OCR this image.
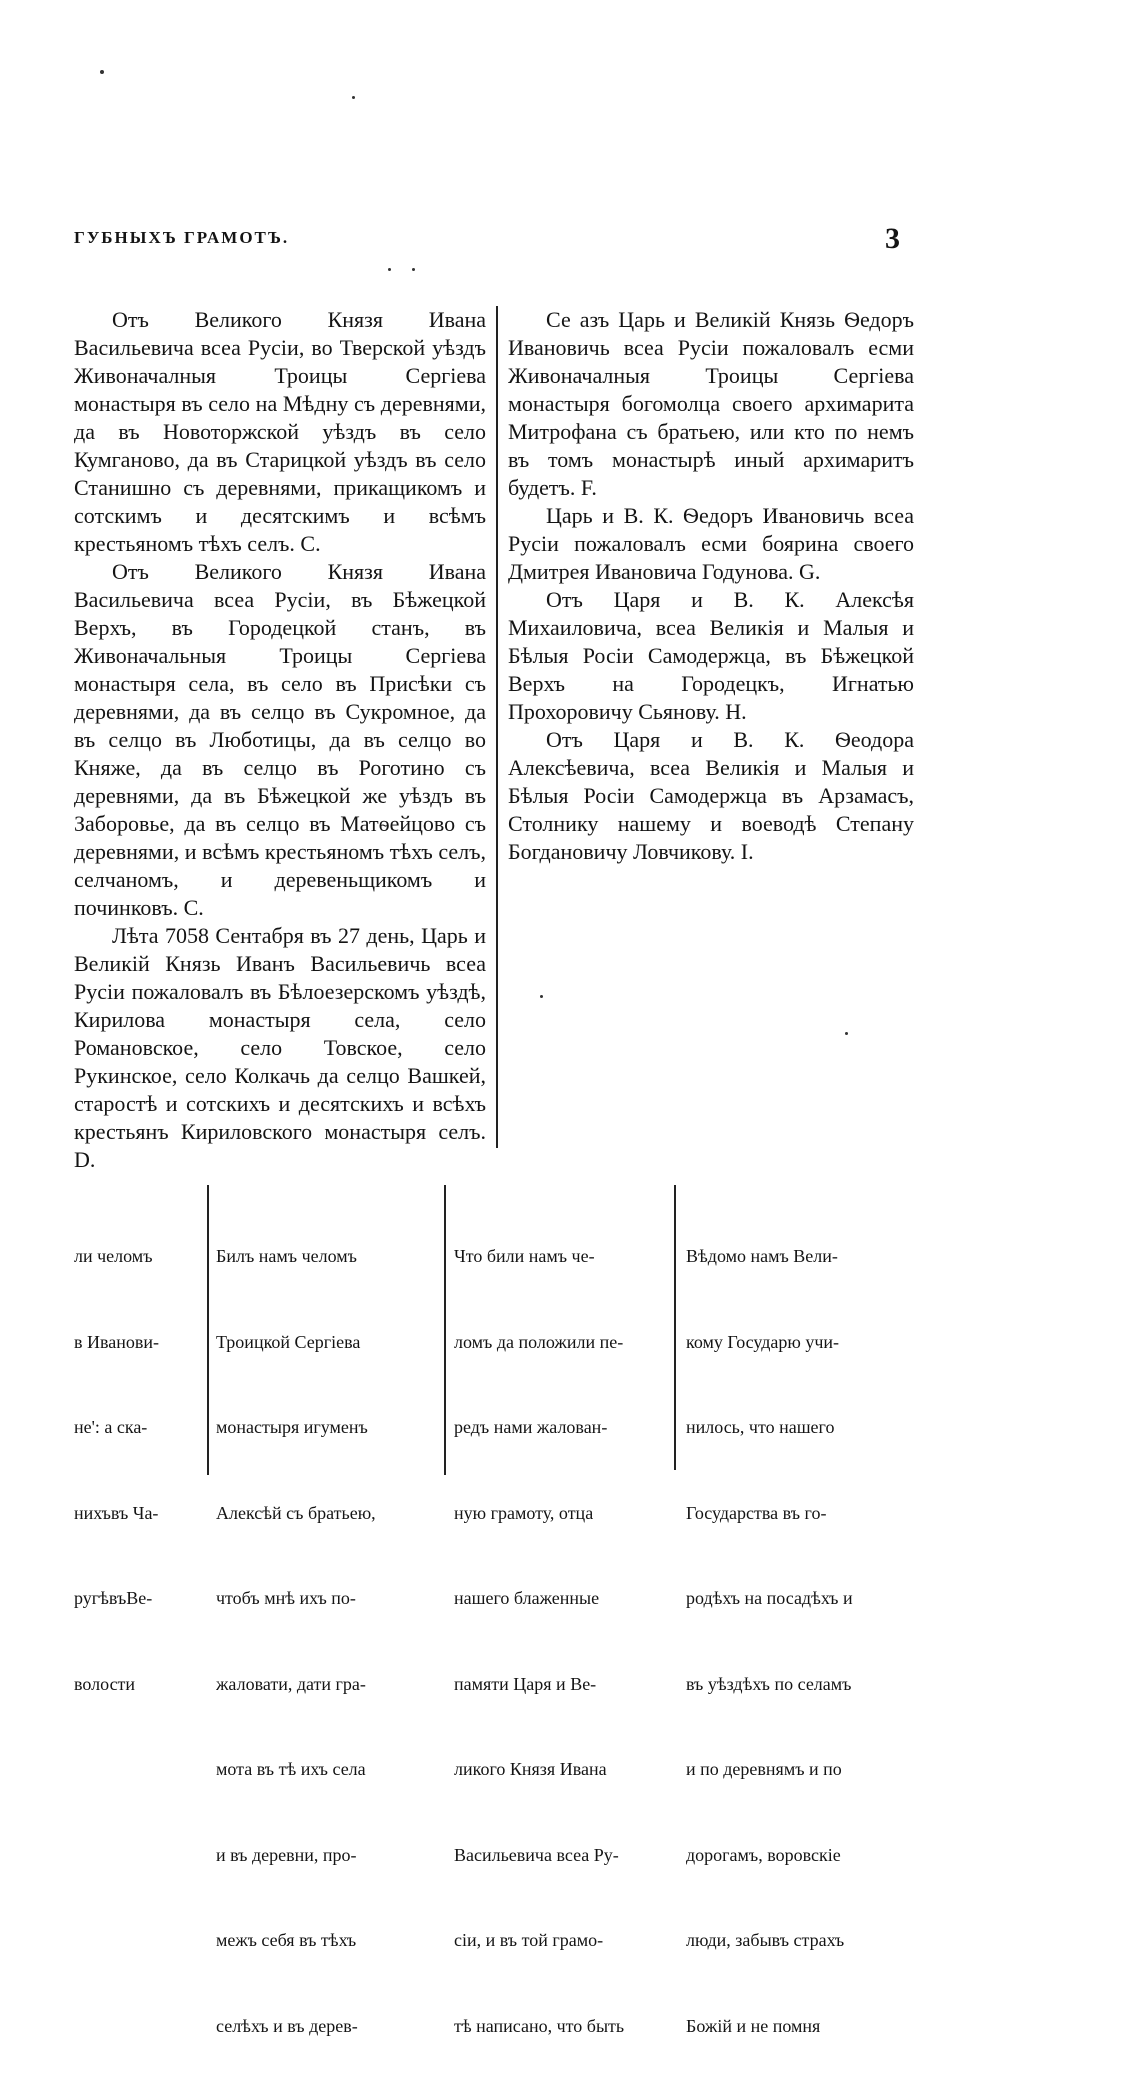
ГУБНЫХЪ ГРАМОТЪ.	3

Отъ Великого Князя Ивана Васильевича всеа Русіи, во Тверской уѣздъ Живоначалныя Троицы Сергіева монастыря въ село на Мѣдну съ деревнями, да въ Новоторжской уѣздъ въ село Кумганово, да въ Старицкой уѣздъ въ село Станишно съ деревнями, прикащикомъ и сотскимъ и десятскимъ и всѣмъ крестьяномъ тѣхъ селъ. C.

Отъ Великого Князя Ивана Васильевича всеа Русіи, въ Бѣжецкой Верхъ, въ Городецкой станъ, въ Живоначальныя Троицы Сергіева монастыря села, въ село въ Присѣки съ деревнями, да въ селцо въ Сукромное, да въ селцо въ Люботицы, да въ селцо во Княже, да въ селцо въ Роготино съ деревнями, да въ Бѣжецкой же уѣздъ въ Заборовье, да въ селцо въ Матѳейцово съ деревнями, и всѣмъ крестьяномъ тѣхъ селъ, селчаномъ, и деревеньщикомъ и починковъ. C.

Лѣта 7058 Сентабря въ 27 день, Царь и Великій Князь Иванъ Васильевичь всеа Русіи пожаловалъ въ Бѣлоезерскомъ уѣздѣ, Кирилова монастыря села, село Романовское, село Товское, село Рукинское, село Колкачь да селцо Вашкей, старостѣ и сотскихъ и десятскихъ и всѣхъ крестьянъ Кириловского монастыря селъ. D.

Се азъ Царь и Великій Князь Ѳедоръ Ивановичь всеа Русіи пожаловалъ есми Живоначалныя Троицы Сергіева монастыря богомолца своего архимарита Митрофана съ братьею, или кто по немъ въ томъ монастырѣ иный архимаритъ будетъ. F.

Царь и В. К. Ѳедоръ Ивановичь всеа Русіи пожаловалъ есми боярина своего Дмитрея Ивановича Годунова. G.

Отъ Царя и В. К. Алексѣя Михаиловича, всеа Великія и Малыя и Бѣлыя Росіи Самодержца, въ Бѣжецкой Верхъ на Городецкъ, Игнатью Прохоровичу Сьянову. H.

Отъ Царя и В. К. Ѳеодора Алексѣевича, всеа Великія и Малыя и Бѣлыя Росіи Самодержца въ Арзамасъ, Столнику нашему и воеводѣ Степану Богдановичу Ловчикову. I.

ли челомъ

в Иванови-

не': а ска-

нихъвъ Ча-

ругѣвъВе-

волости

Билъ намъ челомъ

Троицкой Сергіева

монастыря игуменъ

Алексѣй съ братьею,

чтобъ мнѣ ихъ по-

жаловати, дати гра-

мота въ тѣ ихъ села

и въ деревни, про-

межъ себя въ тѣхъ

селѣхъ и въ дерев-

Что били намъ че-

ломъ да положили пе-

редъ нами жалован-

ную грамоту, отца

нашего блаженные

памяти Царя и Ве-

ликого Князя Ивана

Васильевича всеа Ру-

сіи, и въ той грамо-

тѣ написано, что быть

Вѣдомо намъ Вели-

кому Государю учи-

нилось, что нашего

Государства въ го-

родѣхъ на посадѣхъ и

въ уѣздѣхъ по селамъ

и по деревнямъ и по

дорогамъ, воровскіе

люди, забывъ страхъ

Божій и не помня
